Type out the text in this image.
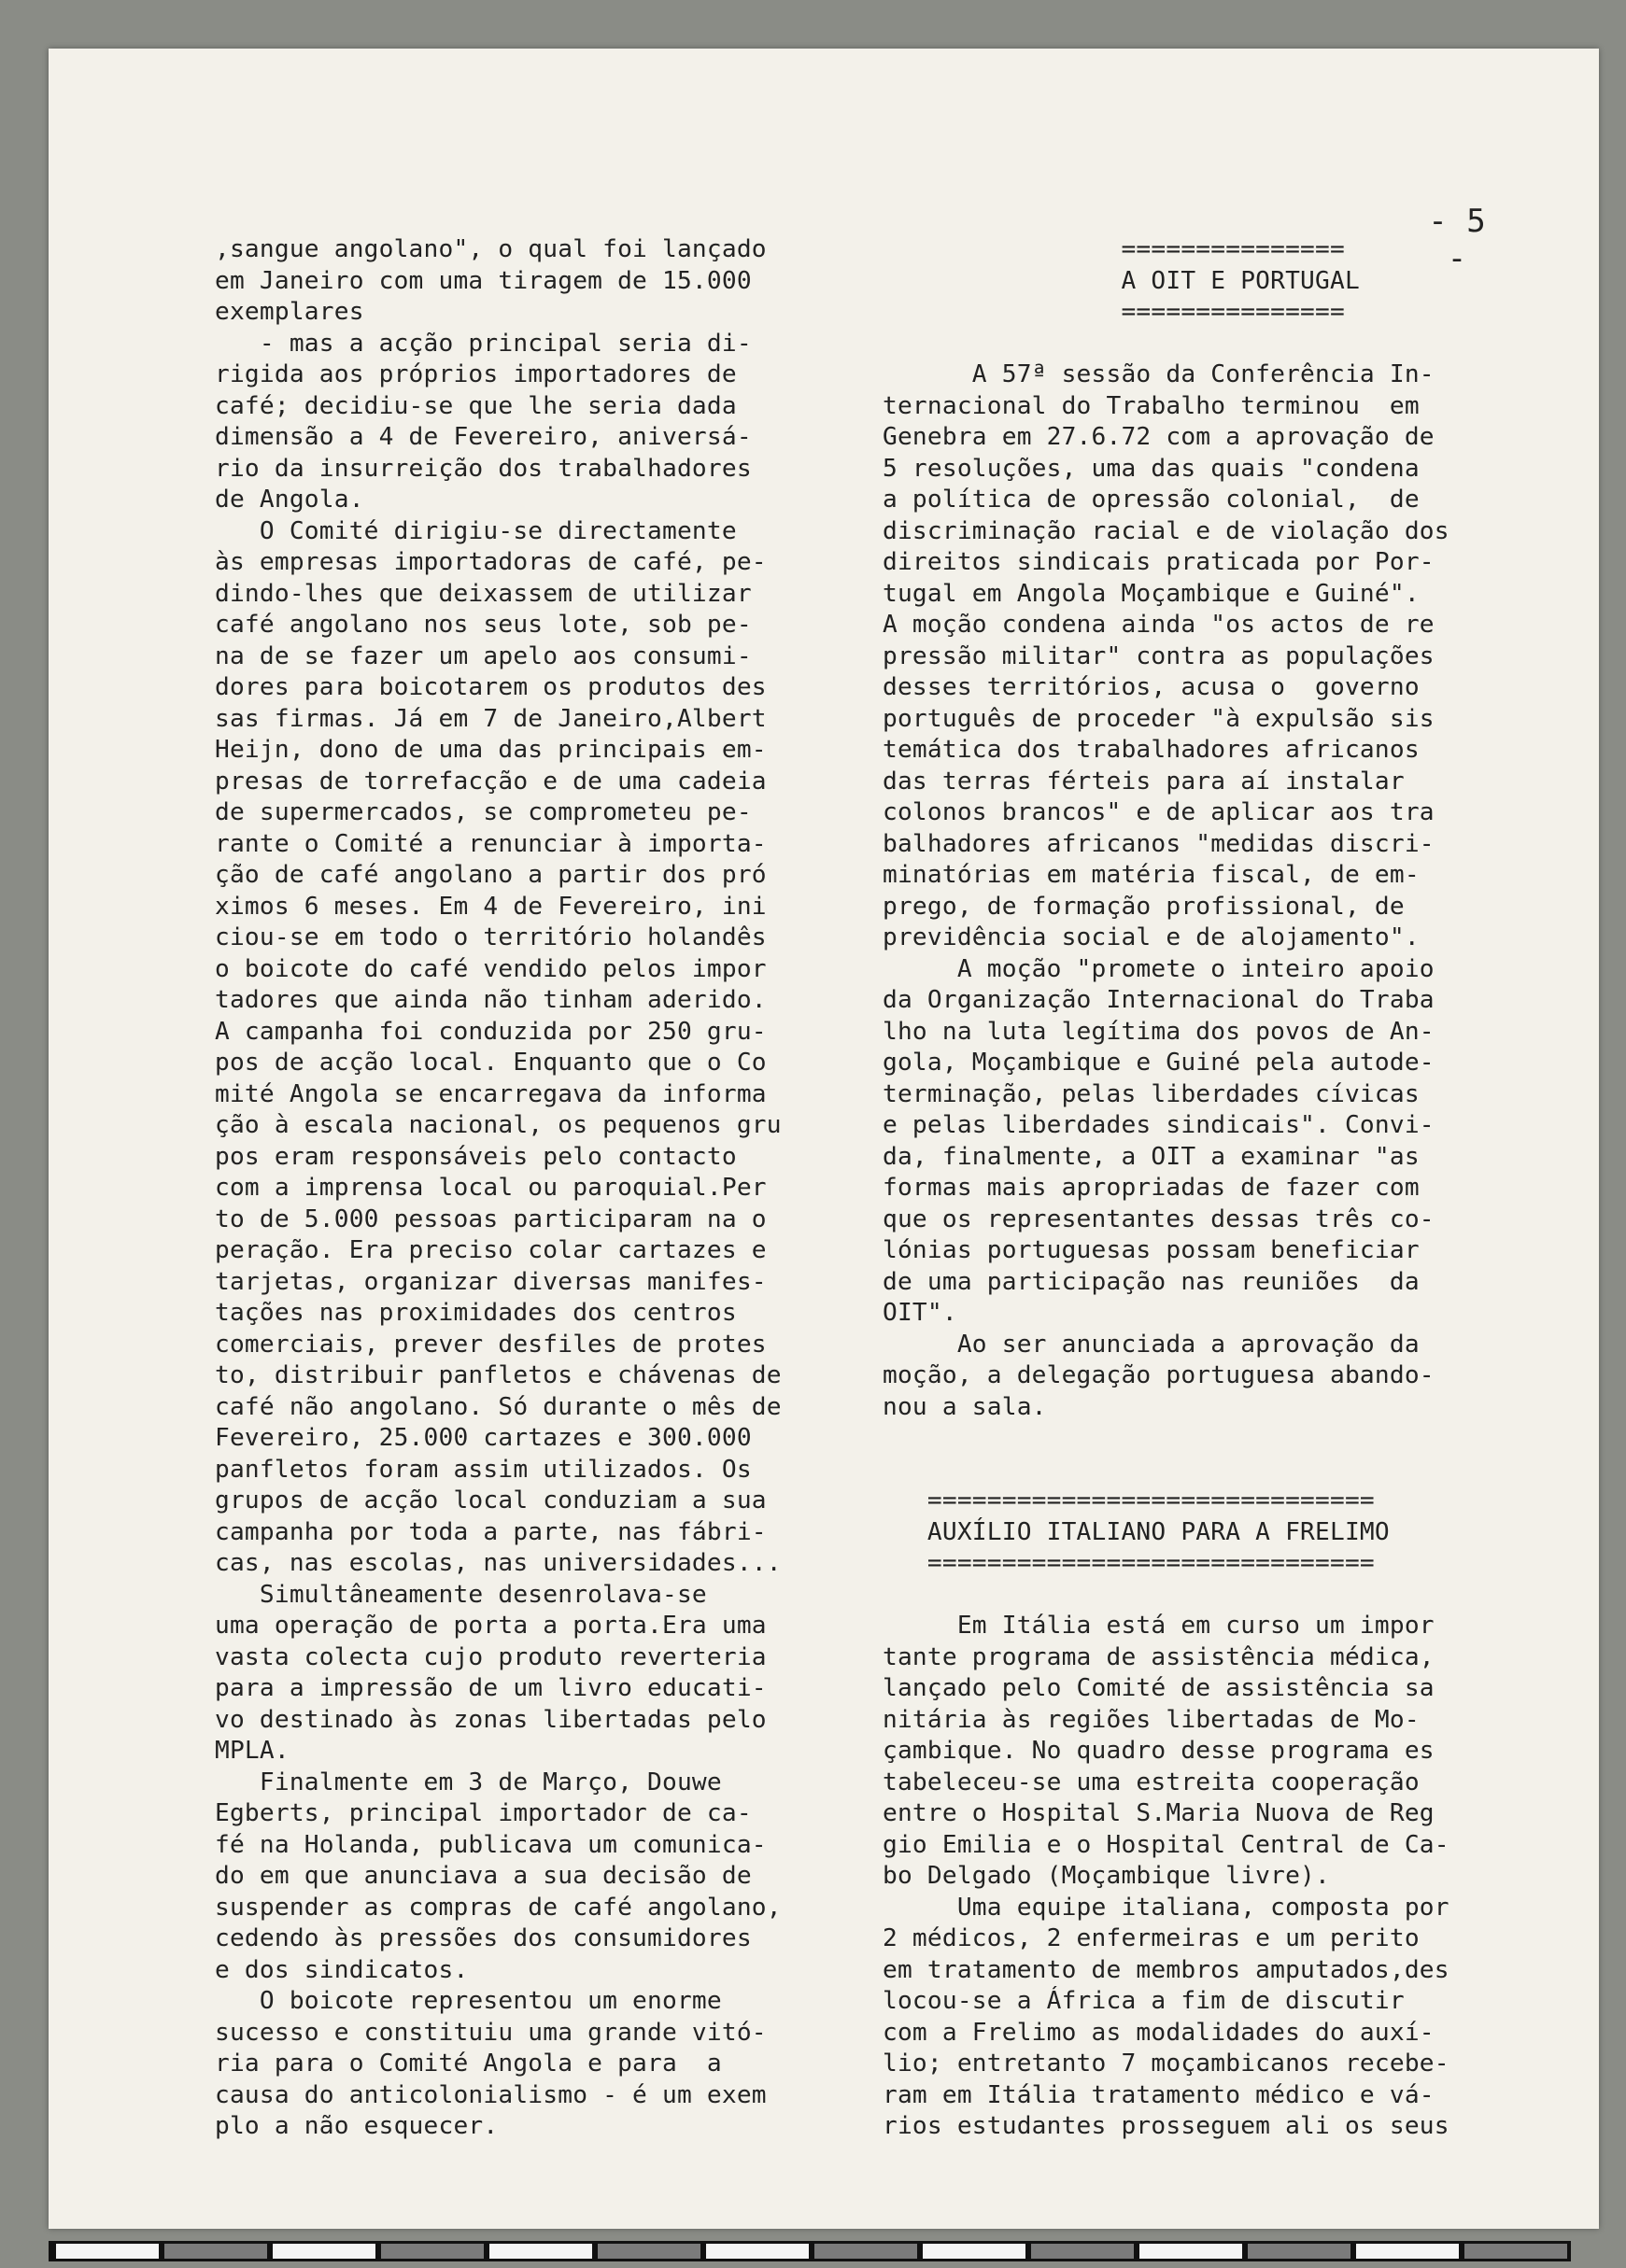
- 5 -

,sangue angolano", o qual foi lançado
em Janeiro com uma tiragem de 15.000
exemplares
- mas a acção principal seria di-
rigida aos próprios importadores de
café; decidiu-se que lhe seria dada
dimensão a 4 de Fevereiro, aniversá-
rio da insurreição dos trabalhadores
de Angola.
O Comité dirigiu-se directamente
às empresas importadoras de café, pe-
dindo-lhes que deixassem de utilizar
café angolano nos seus lote, sob pe-
na de se fazer um apelo aos consumi-
dores para boicotarem os produtos des
sas firmas. Já em 7 de Janeiro,Albert
Heijn, dono de uma das principais em-
presas de torrefacção e de uma cadeia
de supermercados, se comprometeu pe-
rante o Comité a renunciar à importa-
ção de café angolano a partir dos pró
ximos 6 meses. Em 4 de Fevereiro, ini
ciou-se em todo o território holandês
o boicote do café vendido pelos impor
tadores que ainda não tinham aderido.
A campanha foi conduzida por 250 gru-
pos de acção local. Enquanto que o Co
mité Angola se encarregava da informa
ção à escala nacional, os pequenos gru
pos eram responsáveis pelo contacto
com a imprensa local ou paroquial.Per
to de 5.000 pessoas participaram na o
peração. Era preciso colar cartazes e
tarjetas, organizar diversas manifes-
tações nas proximidades dos centros
comerciais, prever desfiles de protes
to, distribuir panfletos e chávenas de
café não angolano. Só durante o mês de
Fevereiro, 25.000 cartazes e 300.000
panfletos foram assim utilizados. Os
grupos de acção local conduziam a sua
campanha por toda a parte, nas fábri-
cas, nas escolas, nas universidades...
Simultâneamente desenrolava-se
uma operação de porta a porta.Era uma
vasta colecta cujo produto reverteria
para a impressão de um livro educati-
vo destinado às zonas libertadas pelo
MPLA.
Finalmente em 3 de Março, Douwe
Egberts, principal importador de ca-
fé na Holanda, publicava um comunica-
do em que anunciava a sua decisão de
suspender as compras de café angolano,
cedendo às pressões dos consumidores
e dos sindicatos.
O boicote representou um enorme
sucesso e constituiu uma grande vitó-
ria para o Comité Angola e para  a
causa do anticolonialismo - é um exem
plo a não esquecer.
===============
A OIT E PORTUGAL
===============
A 57ª sessão da Conferência In-
ternacional do Trabalho terminou  em
Genebra em 27.6.72 com a aprovação de
5 resoluções, uma das quais "condena
a política de opressão colonial,  de
discriminação racial e de violação dos
direitos sindicais praticada por Por-
tugal em Angola Moçambique e Guiné".
A moção condena ainda "os actos de re
pressão militar" contra as populações
desses territórios, acusa o  governo
português de proceder "à expulsão sis
temática dos trabalhadores africanos
das terras férteis para aí instalar
colonos brancos" e de aplicar aos tra
balhadores africanos "medidas discri-
minatórias em matéria fiscal, de em-
prego, de formação profissional, de
previdência social e de alojamento".
A moção "promete o inteiro apoio
da Organização Internacional do Traba
lho na luta legítima dos povos de An-
gola, Moçambique e Guiné pela autode-
terminação, pelas liberdades cívicas
e pelas liberdades sindicais". Convi-
da, finalmente, a OIT a examinar "as
formas mais apropriadas de fazer com
que os representantes dessas três co-
lónias portuguesas possam beneficiar
de uma participação nas reuniões  da
OIT".
Ao ser anunciada a aprovação da
moção, a delegação portuguesa abando-
nou a sala.
==============================
AUXÍLIO ITALIANO PARA A FRELIMO
==============================
Em Itália está em curso um impor
tante programa de assistência médica,
lançado pelo Comité de assistência sa
nitária às regiões libertadas de Mo-
çambique. No quadro desse programa es
tabeleceu-se uma estreita cooperação
entre o Hospital S.Maria Nuova de Reg
gio Emilia e o Hospital Central de Ca-
bo Delgado (Moçambique livre).
Uma equipe italiana, composta por
2 médicos, 2 enfermeiras e um perito
em tratamento de membros amputados,des
locou-se a África a fim de discutir
com a Frelimo as modalidades do auxí-
lio; entretanto 7 moçambicanos recebe-
ram em Itália tratamento médico e vá-
rios estudantes prosseguem ali os seus
